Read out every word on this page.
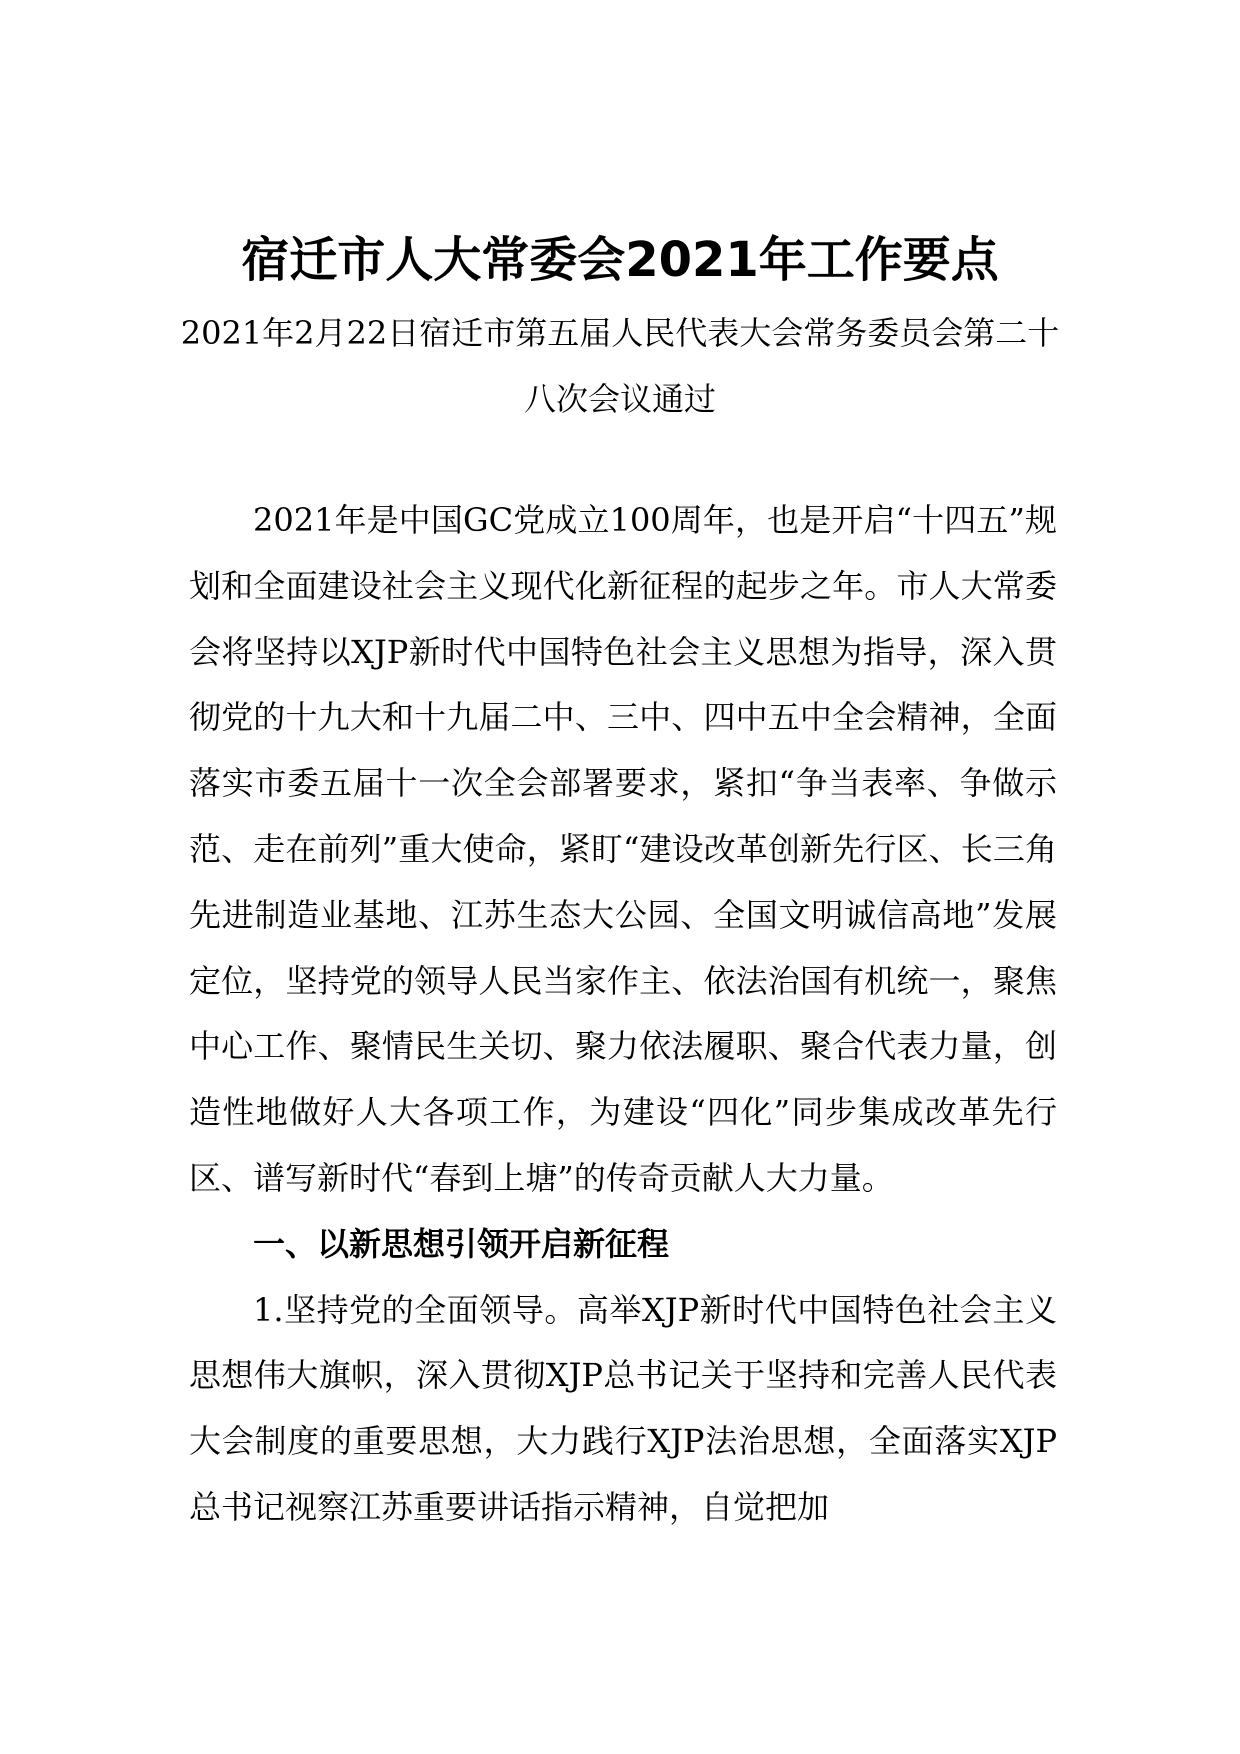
宿迁市人大常委会2021年工作要点
2021年2月22日宿迁市第五届人民代表大会常务委员会第二十八次会议通过

2021年是中国GC党成立100周年，也是开启“十四五”规划和全面建设社会主义现代化新征程的起步之年。市人大常委会将坚持以XJP新时代中国特色社会主义思想为指导，深入贯彻党的十九大和十九届二中、三中、四中五中全会精神，全面落实市委五届十一次全会部署要求，紧扣“争当表率、争做示范、走在前列”重大使命，紧盯“建设改革创新先行区、长三角先进制造业基地、江苏生态大公园、全国文明诚信高地”发展定位，坚持党的领导人民当家作主、依法治国有机统一，聚焦中心工作、聚情民生关切、聚力依法履职、聚合代表力量，创造性地做好人大各项工作，为建设“四化”同步集成改革先行区、谱写新时代“春到上塘”的传奇贡献人大力量。

一、以新思想引领开启新征程

1.坚持党的全面领导。高举XJP新时代中国特色社会主义思想伟大旗帜，深入贯彻XJP总书记关于坚持和完善人民代表大会制度的重要思想，大力践行XJP法治思想，全面落实XJP总书记视察江苏重要讲话指示精神，自觉把加
